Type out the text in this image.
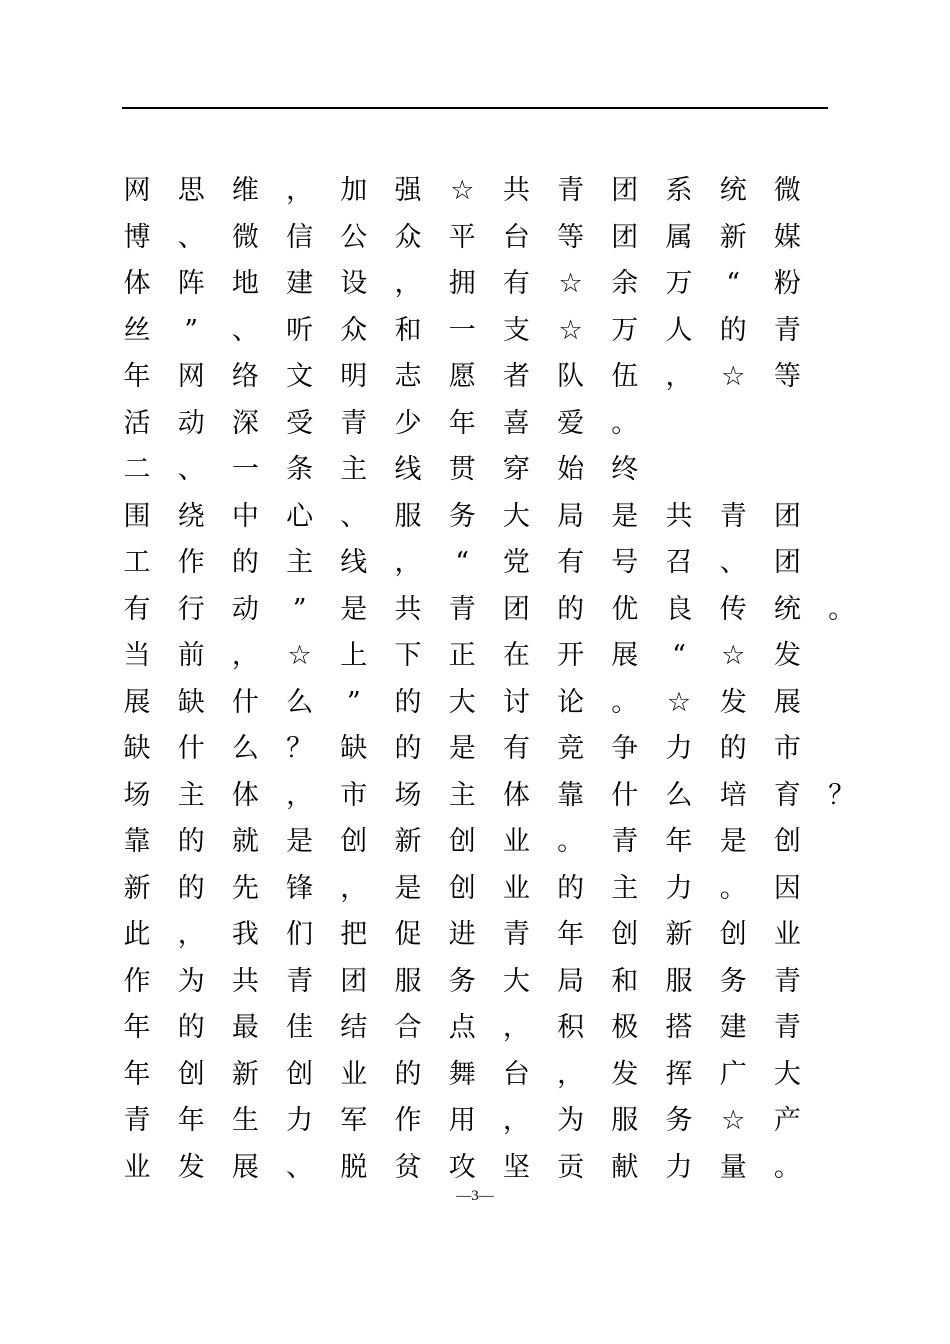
网	思	维	，	加	强	☆	共	青	团	系	统	微
博	、	微	信	公	众	平	台	等	团	属	新	媒
体	阵	地	建	设	，	拥	有	☆	余	万	“	粉
丝	”	、	听	众	和	一	支	☆	万	人	的	青
年	网	络	文	明	志	愿	者	队	伍	，	☆	等
活	动	深	受	青	少	年	喜	爱	。
二	、	一	条	主	线	贯	穿	始	终
围	绕	中	心	、	服	务	大	局	是	共	青	团
工	作	的	主	线	，	“	党	有	号	召	、	团
有	行	动	”	是	共	青	团	的	优	良	传	统	。
当	前	，	☆	上	下	正	在	开	展	“	☆	发
展	缺	什	么	”	的	大	讨	论	。	☆	发	展
缺	什	么	？	缺	的	是	有	竞	争	力	的	市
场	主	体	，	市	场	主	体	靠	什	么	培	育	？
靠	的	就	是	创	新	创	业	。	青	年	是	创
新	的	先	锋	，	是	创	业	的	主	力	。	因
此	，	我	们	把	促	进	青	年	创	新	创	业
作	为	共	青	团	服	务	大	局	和	服	务	青
年	的	最	佳	结	合	点	，	积	极	搭	建	青
年	创	新	创	业	的	舞	台	，	发	挥	广	大
青	年	生	力	军	作	用	，	为	服	务	☆	产
业	发	展	、	脱	贫	攻	坚	贡	献	力	量	。
—3—
